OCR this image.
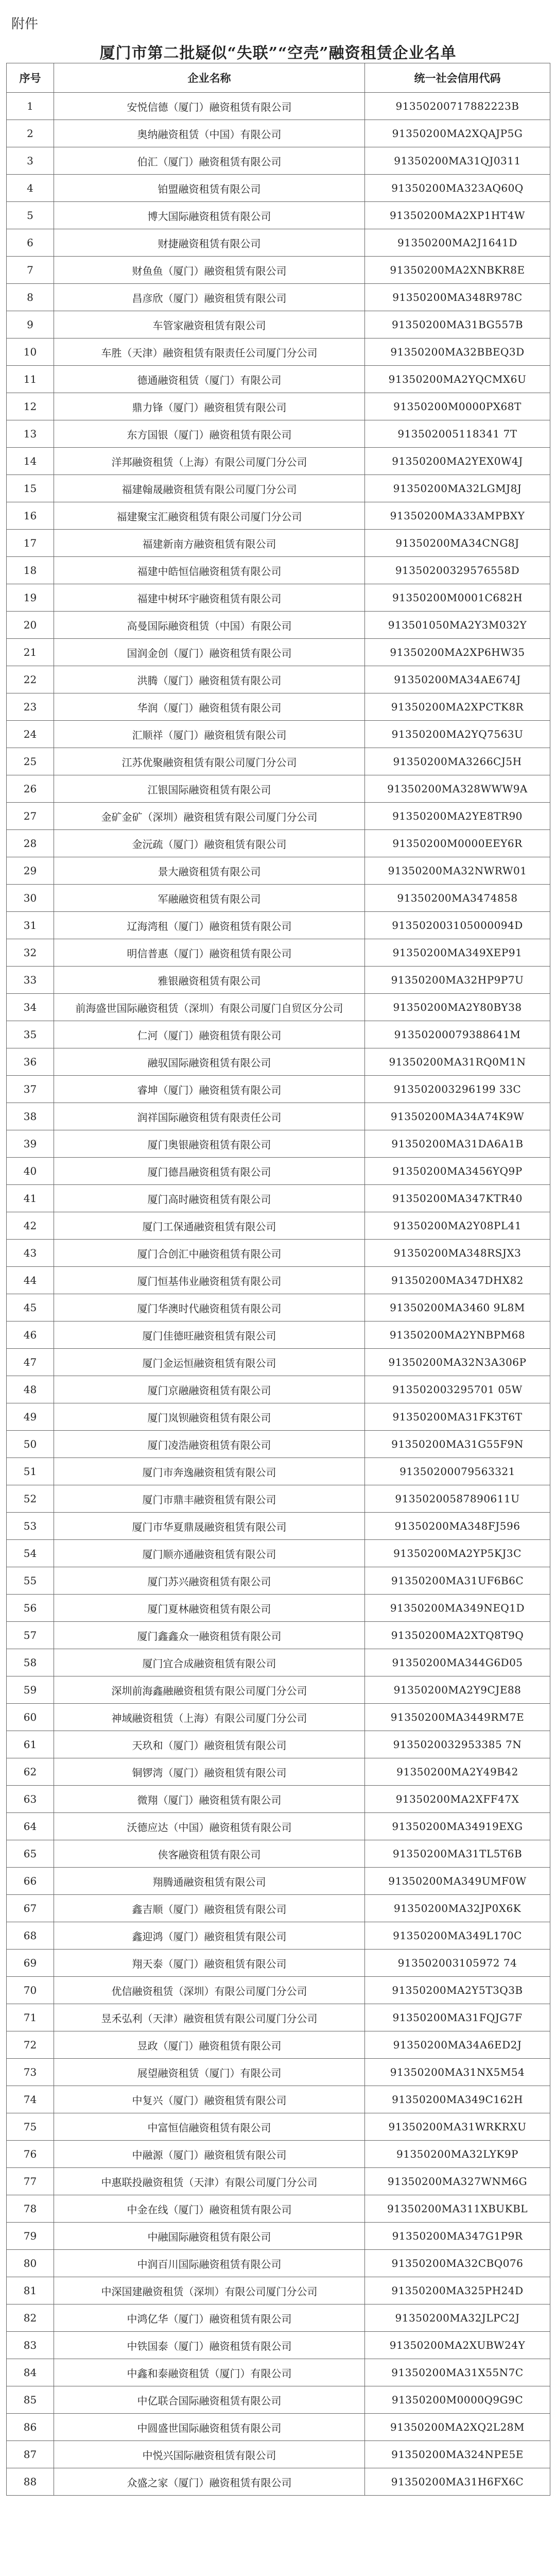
附件
厦门市第二批疑似“失联”“空壳”融资租赁企业名单
序号	企业名称	统一社会信用代码
1	安悦信德（厦门）融资租赁有限公司	91350200717882223B
2	奥纳融资租赁（中国）有限公司	91350200MA2XQAJP5G
3	伯汇（厦门）融资租赁有限公司	91350200MA31QJ0311
4	铂盟融资租赁有限公司	91350200MA323AQ60Q
5	博大国际融资租赁有限公司	91350200MA2XP1HT4W
6	财捷融资租赁有限公司	91350200MA2J1641D
7	财鱼鱼（厦门）融资租赁有限公司	91350200MA2XNBKR8E
8	昌彦欣（厦门）融资租赁有限公司	91350200MA348R978C
9	车管家融资租赁有限公司	91350200MA31BG557B
10	车胜（天津）融资租赁有限责任公司厦门分公司	91350200MA32BBEQ3D
11	德通融资租赁（厦门）有限公司	91350200MA2YQCMX6U
12	鼎力锋（厦门）融资租赁有限公司	91350200M0000PX68T
13	东方国银（厦门）融资租赁有限公司	913502005118341 7T
14	洋邦融资租赁（上海）有限公司厦门分公司	91350200MA2YEX0W4J
15	福建翰晟融资租赁有限公司厦门分公司	91350200MA32LGMJ8J
16	福建聚宝汇融资租赁有限公司厦门分公司	91350200MA33AMPBXY
17	福建新南方融资租赁有限公司	91350200MA34CNG8J
18	福建中皓恒信融资租赁有限公司	91350200329576558D
19	福建中树环宇融资租赁有限公司	91350200M0001C682H
20	高曼国际融资租赁（中国）有限公司	913501050MA2Y3M032Y
21	国润金创（厦门）融资租赁有限公司	91350200MA2XP6HW35
22	洪腾（厦门）融资租赁有限公司	91350200MA34AE674J
23	华润（厦门）融资租赁有限公司	91350200MA2XPCTK8R
24	汇顺祥（厦门）融资租赁有限公司	91350200MA2YQ7563U
25	江苏优聚融资租赁有限公司厦门分公司	91350200MA3266CJ5H
26	江银国际融资租赁有限公司	91350200MA328WWW9A
27	金矿金矿（深圳）融资租赁有限公司厦门分公司	91350200MA2YE8TR90
28	金沅疏（厦门）融资租赁有限公司	91350200M0000EEY6R
29	景大融资租赁有限公司	91350200MA32NWRW01
30	军融融资租赁有限公司	91350200MA3474858
31	辽海湾租（厦门）融资租赁有限公司	913502003105000094D
32	明信普惠（厦门）融资租赁有限公司	91350200MA349XEP91
33	雅银融资租赁有限公司	91350200MA32HP9P7U
34	前海盛世国际融资租赁（深圳）有限公司厦门自贸区分公司	91350200MA2Y80BY38
35	仁河（厦门）融资租赁有限公司	91350200079388641M
36	融驭国际融资租赁有限公司	91350200MA31RQ0M1N
37	睿坤（厦门）融资租赁有限公司	913502003296199 33C
38	润祥国际融资租赁有限责任公司	91350200MA34A74K9W
39	厦门奥银融资租赁有限公司	91350200MA31DA6A1B
40	厦门德昌融资租赁有限公司	91350200MA3456YQ9P
41	厦门高时融资租赁有限公司	91350200MA347KTR40
42	厦门工保通融资租赁有限公司	91350200MA2Y08PL41
43	厦门合创汇中融资租赁有限公司	91350200MA348RSJX3
44	厦门恒基伟业融资租赁有限公司	91350200MA347DHX82
45	厦门华澳时代融资租赁有限公司	91350200MA3460 9L8M
46	厦门佳德旺融资租赁有限公司	91350200MA2YNBPM68
47	厦门金运恒融资租赁有限公司	91350200MA32N3A306P
48	厦门京融融资租赁有限公司	913502003295701 05W
49	厦门岚钡融资租赁有限公司	91350200MA31FK3T6T
50	厦门凌浩融资租赁有限公司	91350200MA31G55F9N
51	厦门市奔逸融资租赁有限公司	91350200079563321
52	厦门市鼎丰融资租赁有限公司	91350200587890611U
53	厦门市华夏鼎晟融资租赁有限公司	91350200MA348FJ596
54	厦门顺亦通融资租赁有限公司	91350200MA2YP5KJ3C
55	厦门苏兴融资租赁有限公司	91350200MA31UF6B6C
56	厦门夏林融资租赁有限公司	91350200MA349NEQ1D
57	厦门鑫鑫众一融资租赁有限公司	91350200MA2XTQ8T9Q
58	厦门宜合成融资租赁有限公司	91350200MA344G6D05
59	深圳前海鑫融融资租赁有限公司厦门分公司	91350200MA2Y9CJE88
60	神域融资租赁（上海）有限公司厦门分公司	91350200MA3449RM7E
61	天玖和（厦门）融资租赁有限公司	9135020032953385 7N
62	铜锣湾（厦门）融资租赁有限公司	91350200MA2Y49B42
63	微翔（厦门）融资租赁有限公司	91350200MA2XFF47X
64	沃德应达（中国）融资租赁有限公司	91350200MA34919EXG
65	侠客融资租赁有限公司	91350200MA31TL5T6B
66	翔腾通融资租赁有限公司	91350200MA349UMF0W
67	鑫吉顺（厦门）融资租赁有限公司	91350200MA32JP0X6K
68	鑫迎鸿（厦门）融资租赁有限公司	91350200MA349L170C
69	翔天泰（厦门）融资租赁有限公司	913502003105972 74
70	优信融资租赁（深圳）有限公司厦门分公司	91350200MA2Y5T3Q3B
71	昱禾弘利（天津）融资租赁有限公司厦门分公司	91350200MA31FQJG7F
72	昱政（厦门）融资租赁有限公司	91350200MA34A6ED2J
73	展望融资租赁（厦门）有限公司	91350200MA31NX5M54
74	中复兴（厦门）融资租赁有限公司	91350200MA349C162H
75	中富恒信融资租赁有限公司	91350200MA31WRKRXU
76	中融源（厦门）融资租赁有限公司	91350200MA32LYK9P
77	中惠联投融资租赁（天津）有限公司厦门分公司	91350200MA327WNM6G
78	中金在线（厦门）融资租赁有限公司	91350200MA311XBUKBL
79	中融国际融资租赁有限公司	91350200MA347G1P9R
80	中润百川国际融资租赁有限公司	91350200MA32CBQ076
81	中深国建融资租赁（深圳）有限公司厦门分公司	91350200MA325PH24D
82	中鸿亿华（厦门）融资租赁有限公司	91350200MA32JLPC2J
83	中铁国泰（厦门）融资租赁有限公司	91350200MA2XUBW24Y
84	中鑫和泰融资租赁（厦门）有限公司	91350200MA31X55N7C
85	中亿联合国际融资租赁有限公司	91350200M0000Q9G9C
86	中圆盛世国际融资租赁有限公司	91350200MA2XQ2L28M
87	中悦兴国际融资租赁有限公司	91350200MA324NPE5E
88	众盛之家（厦门）融资租赁有限公司	91350200MA31H6FX6C
